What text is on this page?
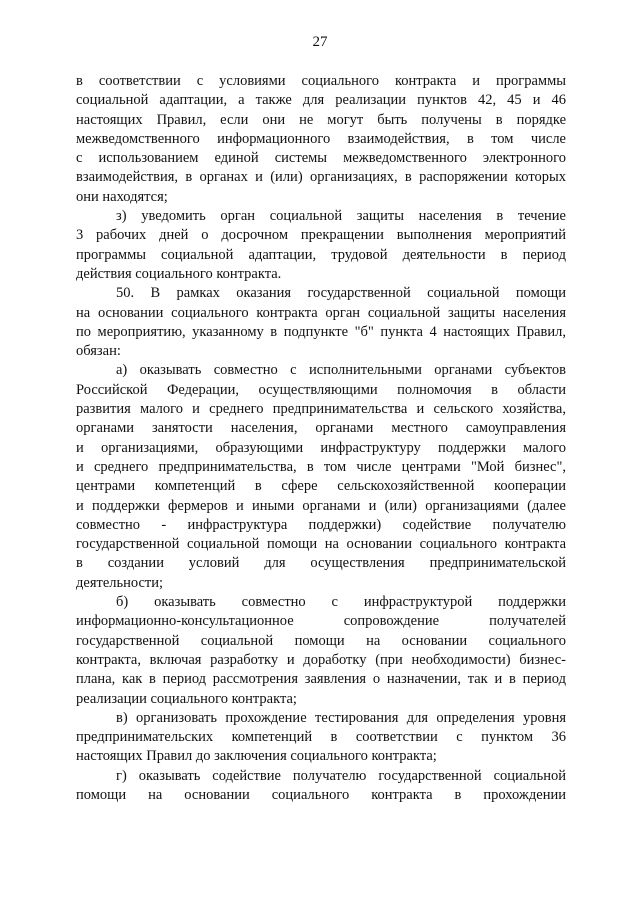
27
в соответствии с условиями социального контракта и программы
социальной адаптации, а также для реализации пунктов 42, 45 и 46
настоящих Правил, если они не могут быть получены в порядке
межведомственного информационного взаимодействия, в том числе
с использованием единой системы межведомственного электронного
взаимодействия, в органах и (или) организациях, в распоряжении которых
они находятся;
з) уведомить орган социальной защиты населения в течение
3 рабочих дней о досрочном прекращении выполнения мероприятий
программы социальной адаптации, трудовой деятельности в период
действия социального контракта.
50. В рамках оказания государственной социальной помощи
на основании социального контракта орган социальной защиты населения
по мероприятию, указанному в подпункте "б" пункта 4 настоящих Правил,
обязан:
а) оказывать совместно с исполнительными органами субъектов
Российской Федерации, осуществляющими полномочия в области
развития малого и среднего предпринимательства и сельского хозяйства,
органами занятости населения, органами местного самоуправления
и организациями, образующими инфраструктуру поддержки малого
и среднего предпринимательства, в том числе центрами "Мой бизнес",
центрами компетенций в сфере сельскохозяйственной кооперации
и поддержки фермеров и иными органами и (или) организациями (далее
совместно - инфраструктура поддержки) содействие получателю
государственной социальной помощи на основании социального контракта
в создании условий для осуществления предпринимательской
деятельности;
б) оказывать совместно с инфраструктурой поддержки
информационно-консультационное сопровождение получателей
государственной социальной помощи на основании социального
контракта, включая разработку и доработку (при необходимости) бизнес-
плана, как в период рассмотрения заявления о назначении, так и в период
реализации социального контракта;
в) организовать прохождение тестирования для определения уровня
предпринимательских компетенций в соответствии с пунктом 36
настоящих Правил до заключения социального контракта;
г) оказывать содействие получателю государственной социальной
помощи на основании социального контракта в прохождении
